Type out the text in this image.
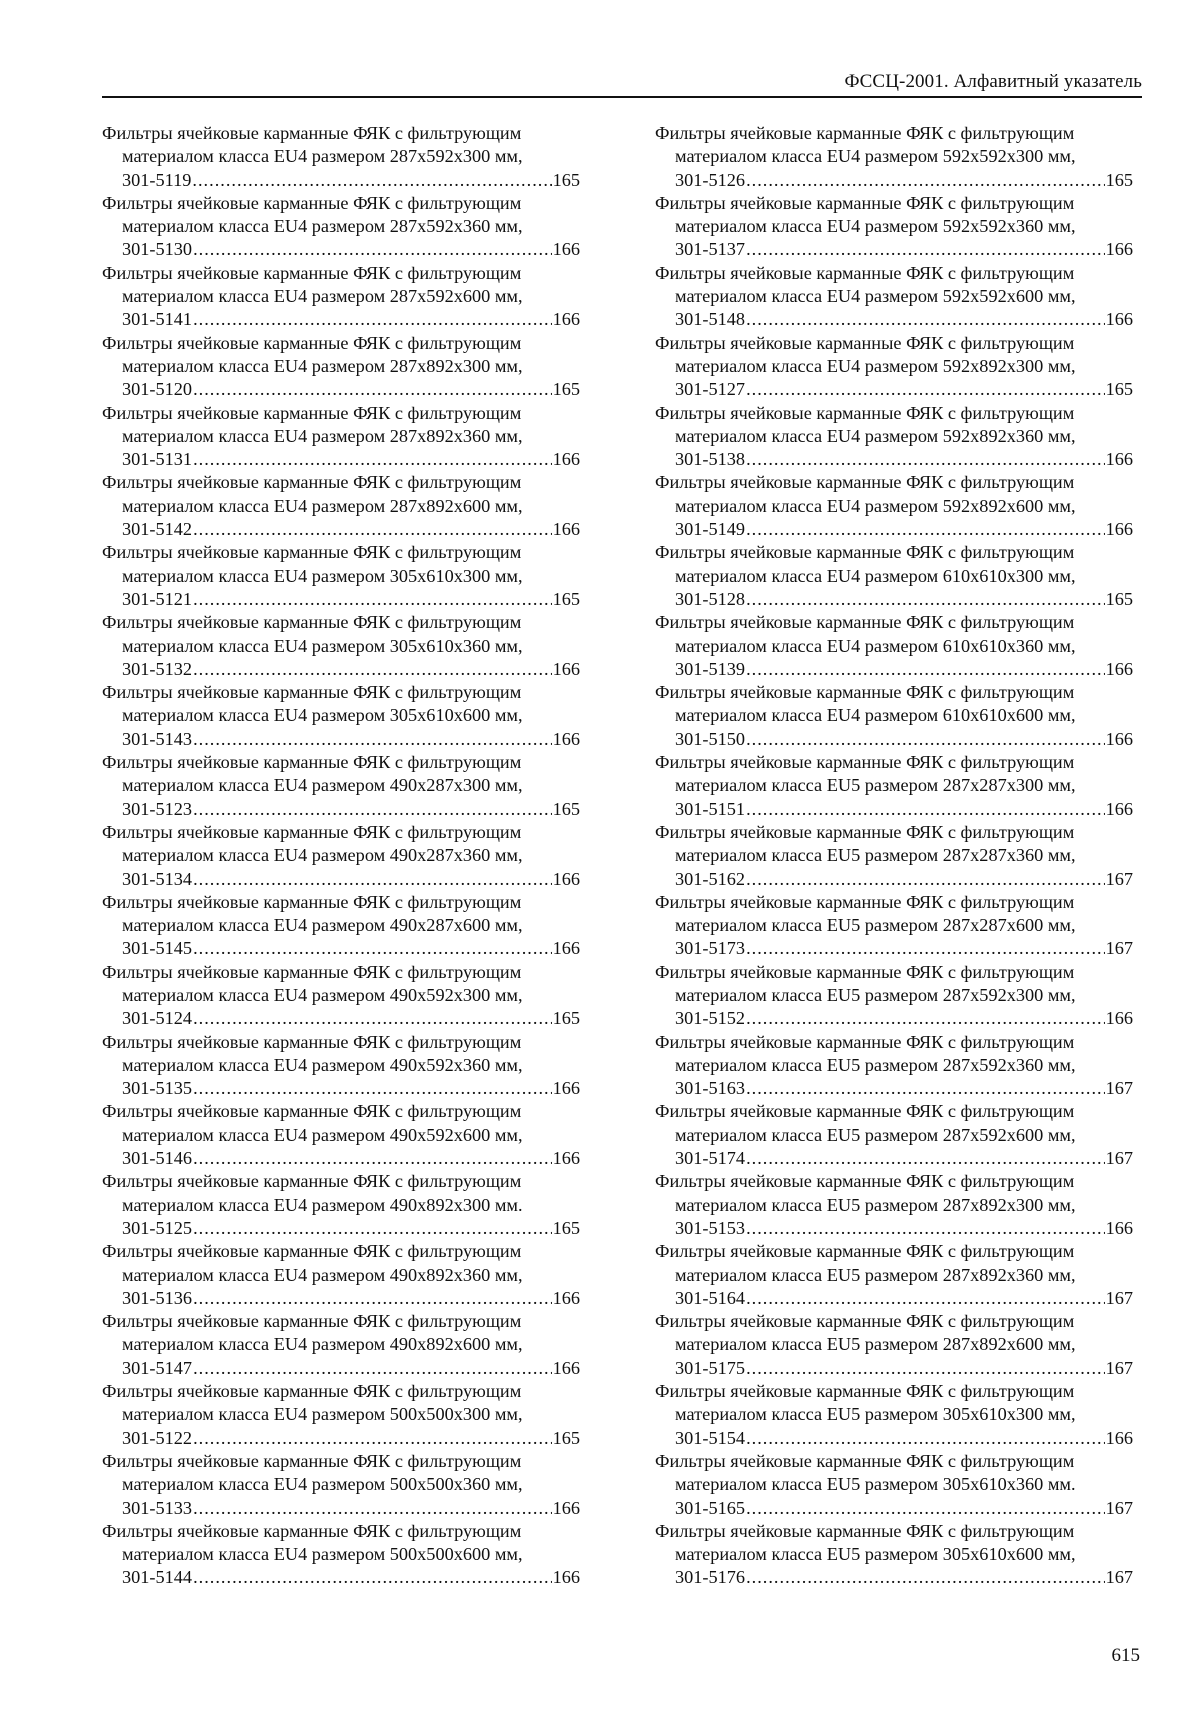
ФССЦ-2001. Алфавитный указатель
Фильтры ячейковые карманные ФЯК с фильтрующим
материалом класса EU4 размером 287x592x300 мм,
301-5119 .....	165
Фильтры ячейковые карманные ФЯК с фильтрующим
материалом класса EU4 размером 287x592x360 мм,
301-5130 .....	166
Фильтры ячейковые карманные ФЯК с фильтрующим
материалом класса EU4 размером 287x592x600 мм,
301-5141 .....	166
Фильтры ячейковые карманные ФЯК с фильтрующим
материалом класса EU4 размером 287x892x300 мм,
301-5120 .....	165
Фильтры ячейковые карманные ФЯК с фильтрующим
материалом класса EU4 размером 287x892x360 мм,
301-5131 .....	166
Фильтры ячейковые карманные ФЯК с фильтрующим
материалом класса EU4 размером 287x892x600 мм,
301-5142 .....	166
Фильтры ячейковые карманные ФЯК с фильтрующим
материалом класса EU4 размером 305x610x300 мм,
301-5121 .....	165
Фильтры ячейковые карманные ФЯК с фильтрующим
материалом класса EU4 размером 305x610x360 мм,
301-5132 .....	166
Фильтры ячейковые карманные ФЯК с фильтрующим
материалом класса EU4 размером 305x610x600 мм,
301-5143 .....	166
Фильтры ячейковые карманные ФЯК с фильтрующим
материалом класса EU4 размером 490x287x300 мм,
301-5123 .....	165
Фильтры ячейковые карманные ФЯК с фильтрующим
материалом класса EU4 размером 490x287x360 мм,
301-5134 .....	166
Фильтры ячейковые карманные ФЯК с фильтрующим
материалом класса EU4 размером 490x287x600 мм,
301-5145 .....	166
Фильтры ячейковые карманные ФЯК с фильтрующим
материалом класса EU4 размером 490x592x300 мм,
301-5124 .....	165
Фильтры ячейковые карманные ФЯК с фильтрующим
материалом класса EU4 размером 490x592x360 мм,
301-5135 .....	166
Фильтры ячейковые карманные ФЯК с фильтрующим
материалом класса EU4 размером 490x592x600 мм,
301-5146 .....	166
Фильтры ячейковые карманные ФЯК с фильтрующим
материалом класса EU4 размером 490x892x300 мм.
301-5125 .....	165
Фильтры ячейковые карманные ФЯК с фильтрующим
материалом класса EU4 размером 490x892x360 мм,
301-5136 .....	166
Фильтры ячейковые карманные ФЯК с фильтрующим
материалом класса EU4 размером 490x892x600 мм,
301-5147 .....	166
Фильтры ячейковые карманные ФЯК с фильтрующим
материалом класса EU4 размером 500x500x300 мм,
301-5122 .....	165
Фильтры ячейковые карманные ФЯК с фильтрующим
материалом класса EU4 размером 500x500x360 мм,
301-5133 .....	166
Фильтры ячейковые карманные ФЯК с фильтрующим
материалом класса EU4 размером 500x500x600 мм,
301-5144 .....	166
Фильтры ячейковые карманные ФЯК с фильтрующим
материалом класса EU4 размером 592x592x300 мм,
301-5126 .....	165
Фильтры ячейковые карманные ФЯК с фильтрующим
материалом класса EU4 размером 592x592x360 мм,
301-5137 .....	166
Фильтры ячейковые карманные ФЯК с фильтрующим
материалом класса EU4 размером 592x592x600 мм,
301-5148 .....	166
Фильтры ячейковые карманные ФЯК с фильтрующим
материалом класса EU4 размером 592x892x300 мм,
301-5127 .....	165
Фильтры ячейковые карманные ФЯК с фильтрующим
материалом класса EU4 размером 592x892x360 мм,
301-5138 .....	166
Фильтры ячейковые карманные ФЯК с фильтрующим
материалом класса EU4 размером 592x892x600 мм,
301-5149 .....	166
Фильтры ячейковые карманные ФЯК с фильтрующим
материалом класса EU4 размером 610x610x300 мм,
301-5128 .....	165
Фильтры ячейковые карманные ФЯК с фильтрующим
материалом класса EU4 размером 610x610x360 мм,
301-5139 .....	166
Фильтры ячейковые карманные ФЯК с фильтрующим
материалом класса EU4 размером 610x610x600 мм,
301-5150 .....	166
Фильтры ячейковые карманные ФЯК с фильтрующим
материалом класса EU5 размером 287x287x300 мм,
301-5151 .....	166
Фильтры ячейковые карманные ФЯК с фильтрующим
материалом класса EU5 размером 287x287x360 мм,
301-5162 .....	167
Фильтры ячейковые карманные ФЯК с фильтрующим
материалом класса EU5 размером 287x287x600 мм,
301-5173 .....	167
Фильтры ячейковые карманные ФЯК с фильтрующим
материалом класса EU5 размером 287x592x300 мм,
301-5152 .....	166
Фильтры ячейковые карманные ФЯК с фильтрующим
материалом класса EU5 размером 287x592x360 мм,
301-5163 .....	167
Фильтры ячейковые карманные ФЯК с фильтрующим
материалом класса EU5 размером 287x592x600 мм,
301-5174 .....	167
Фильтры ячейковые карманные ФЯК с фильтрующим
материалом класса EU5 размером 287x892x300 мм,
301-5153 .....	166
Фильтры ячейковые карманные ФЯК с фильтрующим
материалом класса EU5 размером 287x892x360 мм,
301-5164 .....	167
Фильтры ячейковые карманные ФЯК с фильтрующим
материалом класса EU5 размером 287x892x600 мм,
301-5175 .....	167
Фильтры ячейковые карманные ФЯК с фильтрующим
материалом класса EU5 размером 305x610x300 мм,
301-5154 .....	166
Фильтры ячейковые карманные ФЯК с фильтрующим
материалом класса EU5 размером 305x610x360 мм.
301-5165 .....	167
Фильтры ячейковые карманные ФЯК с фильтрующим
материалом класса EU5 размером 305x610x600 мм,
301-5176 .....	167
615
